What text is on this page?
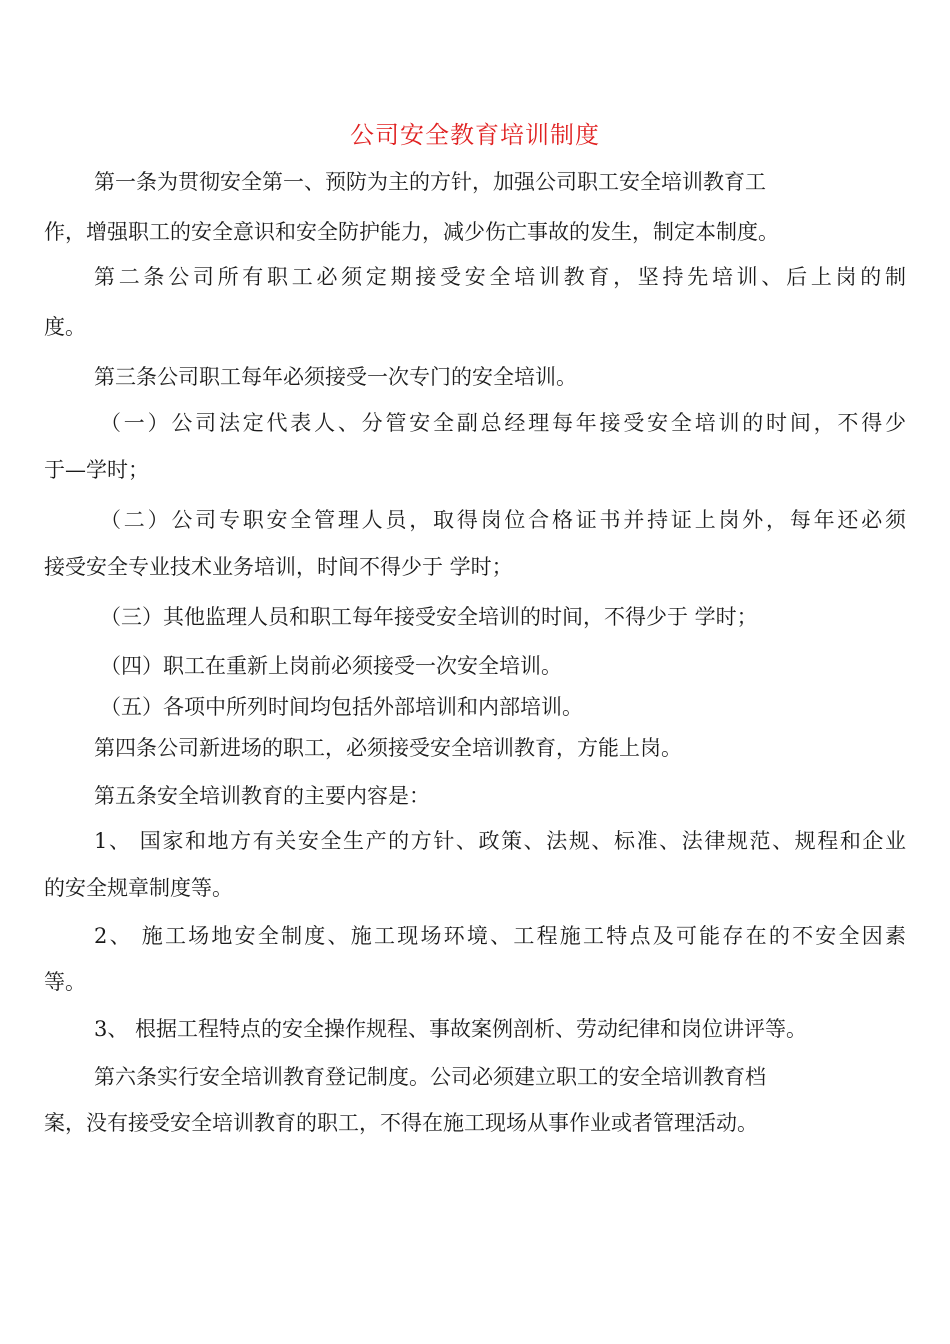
公司安全教育培训制度
第一条为贯彻安全第一、预防为主的方针，加强公司职工安全培训教育工
作，增强职工的安全意识和安全防护能力，减少伤亡事故的发生，制定本制度。
第二条公司所有职工必须定期接受安全培训教育，坚持先培训、后上岗的制
度。
第三条公司职工每年必须接受一次专门的安全培训。
（一）公司法定代表人、分管安全副总经理每年接受安全培训的时间，不得少
于—学时；
（二）公司专职安全管理人员，取得岗位合格证书并持证上岗外，每年还必须
接受安全专业技术业务培训，时间不得少于 学时；
（三）其他监理人员和职工每年接受安全培训的时间，不得少于 学时；
（四）职工在重新上岗前必须接受一次安全培训。
（五）各项中所列时间均包括外部培训和内部培训。
第四条公司新进场的职工，必须接受安全培训教育，方能上岗。
第五条安全培训教育的主要内容是：
1、 国家和地方有关安全生产的方针、政策、法规、标准、法律规范、规程和企业
的安全规章制度等。
2、 施工场地安全制度、施工现场环境、工程施工特点及可能存在的不安全因素
等。
3、 根据工程特点的安全操作规程、事故案例剖析、劳动纪律和岗位讲评等。
第六条实行安全培训教育登记制度。公司必须建立职工的安全培训教育档
案，没有接受安全培训教育的职工，不得在施工现场从事作业或者管理活动。
